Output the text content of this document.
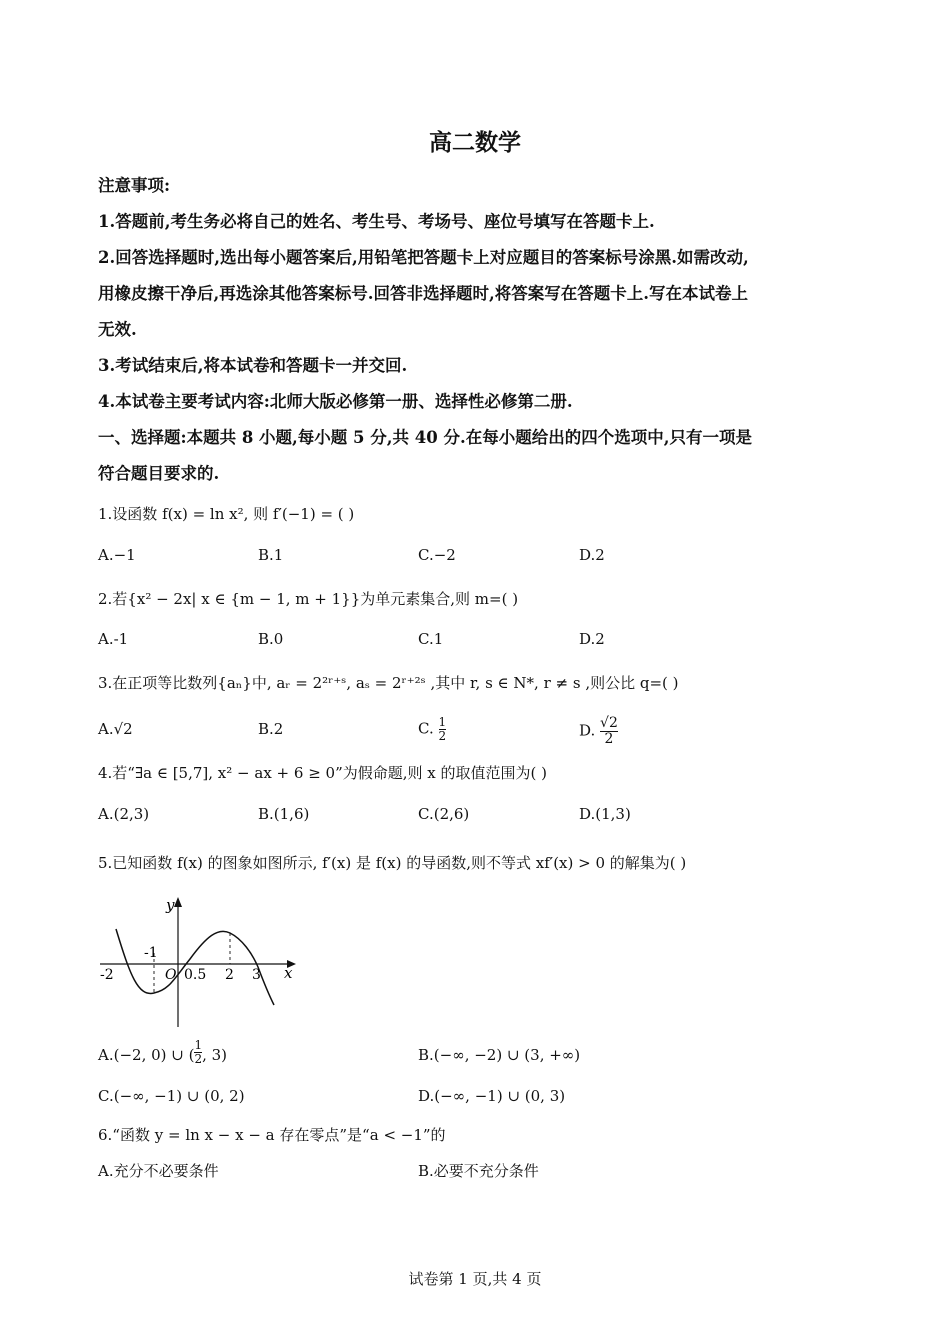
高二数学

注意事项:

1.答题前,考生务必将自己的姓名、考生号、考场号、座位号填写在答题卡上.

2.回答选择题时,选出每小题答案后,用铅笔把答题卡上对应题目的答案标号涂黑.如需改动,

用橡皮擦干净后,再选涂其他答案标号.回答非选择题时,将答案写在答题卡上.写在本试卷上

无效.

3.考试结束后,将本试卷和答题卡一并交回.

4.本试卷主要考试内容:北师大版必修第一册、选择性必修第二册.

一、选择题:本题共 8 小题,每小题 5 分,共 40 分.在每小题给出的四个选项中,只有一项是

符合题目要求的.

1.设函数 f(x) = ln x², 则 f′(−1) = ( )
A.−1	B.1	C.−2	D.2
2.若{x² − 2x| x ∈ {m − 1, m + 1}}为单元素集合,则 m=( )
A.-1	B.0	C.1	D.2
3.在正项等比数列{aₙ}中, aᵣ = 2²ʳ⁺ˢ, aₛ = 2ʳ⁺²ˢ ,其中 r, s ∈ N*, r ≠ s ,则公比 q=( )
A.√2	B.2	C. $\frac{1}{2}$	D. $\frac{√2}{2}$
4.若“∃a ∈ [5,7], x² − ax + 6 ≥ 0”为假命题,则 x 的取值范围为( )
A.(2,3)	B.(1,6)	C.(2,6)	D.(1,3)
5.已知函数 f(x) 的图象如图所示, f′(x) 是 f(x) 的导函数,则不等式 xf′(x) > 0 的解集为( )
y
x
-1
-2	O 0.5 2 3
A.(−2, 0) ∪ ($\frac{1}{2}$, 3)	B.(−∞, −2) ∪ (3, +∞)
C.(−∞, −1) ∪ (0, 2)	D.(−∞, −1) ∪ (0, 3)
6.“函数 y = ln x − x − a 存在零点”是“a < −1”的
A.充分不必要条件	B.必要不充分条件
试卷第 1 页,共 4 页
